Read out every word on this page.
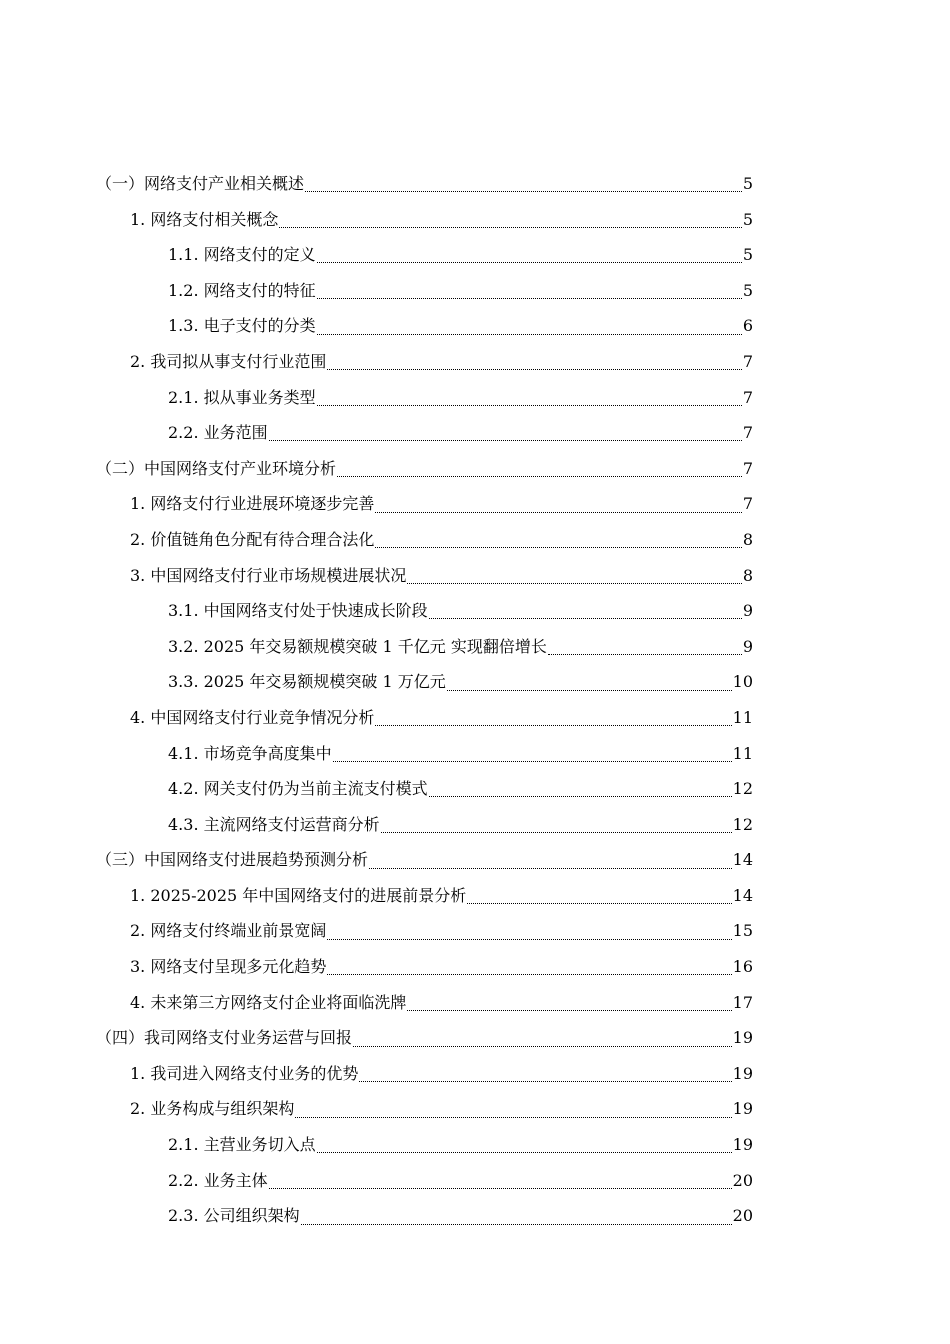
（一）网络支付产业相关概述	5
1. 网络支付相关概念	5
1.1. 网络支付的定义	5
1.2. 网络支付的特征	5
1.3. 电子支付的分类	6
2. 我司拟从事支付行业范围	7
2.1. 拟从事业务类型	7
2.2. 业务范围	7
（二）中国网络支付产业环境分析	7
1. 网络支付行业进展环境逐步完善	7
2. 价值链角色分配有待合理合法化	8
3. 中国网络支付行业市场规模进展状况	8
3.1. 中国网络支付处于快速成长阶段	9
3.2. 2025 年交易额规模突破 1 千亿元 实现翻倍增长	9
3.3. 2025 年交易额规模突破 1 万亿元	10
4. 中国网络支付行业竞争情况分析	11
4.1. 市场竞争高度集中	11
4.2. 网关支付仍为当前主流支付模式	12
4.3. 主流网络支付运营商分析	12
（三）中国网络支付进展趋势预测分析	14
1. 2025-2025 年中国网络支付的进展前景分析	14
2. 网络支付终端业前景宽阔	15
3. 网络支付呈现多元化趋势	16
4. 未来第三方网络支付企业将面临洗牌	17
（四）我司网络支付业务运营与回报	19
1. 我司进入网络支付业务的优势	19
2. 业务构成与组织架构	19
2.1. 主营业务切入点	19
2.2. 业务主体	20
2.3. 公司组织架构	20
